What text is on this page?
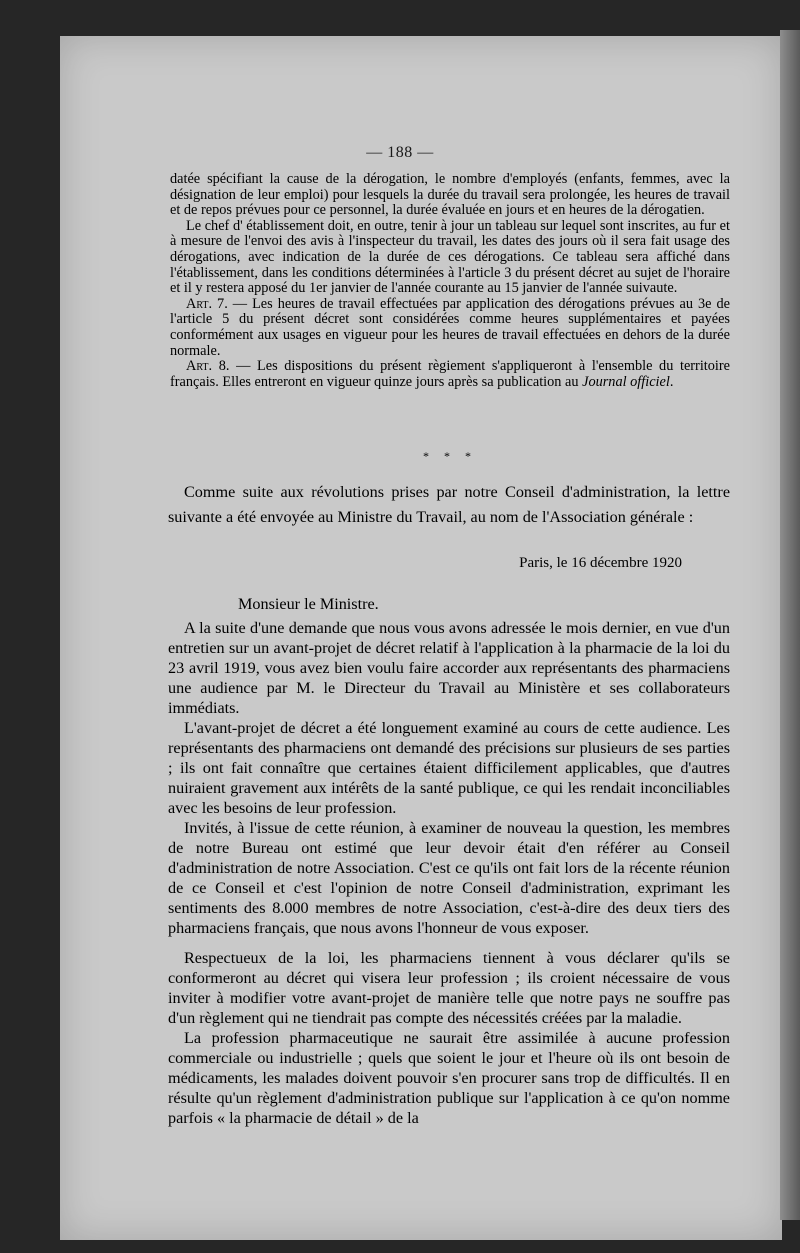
— 188 —

datée spécifiant la cause de la dérogation, le nombre d'employés (enfants, femmes, avec la désignation de leur emploi) pour lesquels la durée du travail sera prolongée, les heures de travail et de repos prévues pour ce personnel, la durée évaluée en jours et en heures de la dérogatien.

Le chef d' établissement doit, en outre, tenir à jour un tableau sur lequel sont inscrites, au fur et à mesure de l'envoi des avis à l'inspecteur du travail, les dates des jours où il sera fait usage des dérogations, avec indication de la durée de ces dérogations. Ce tableau sera affiché dans l'établissement, dans les conditions déterminées à l'article 3 du présent décret au sujet de l'horaire et il y restera apposé du 1er janvier de l'année courante au 15 janvier de l'année suivaute.

Art. 7. — Les heures de travail effectuées par application des dérogations prévues au 3e de l'article 5 du présent décret sont considérées comme heures supplémentaires et payées conformément aux usages en vigueur pour les heures de travail effectuées en dehors de la durée normale.

Art. 8. — Les dispositions du présent règiement s'appliqueront à l'ensemble du territoire français. Elles entreront en vigueur quinze jours après sa publication au Journal officiel.

* * *

Comme suite aux révolutions prises par notre Conseil d'administration, la lettre suivante a été envoyée au Ministre du Travail, au nom de l'Association générale :

Paris, le 16 décembre 1920
Monsieur le Ministre.

A la suite d'une demande que nous vous avons adressée le mois dernier, en vue d'un entretien sur un avant-projet de décret relatif à l'application à la pharmacie de la loi du 23 avril 1919, vous avez bien voulu faire accorder aux représentants des pharmaciens une audience par M. le Directeur du Travail au Ministère et ses collaborateurs immédiats.

L'avant-projet de décret a été longuement examiné au cours de cette audience. Les représentants des pharmaciens ont demandé des précisions sur plusieurs de ses parties ; ils ont fait connaître que certaines étaient difficilement applicables, que d'autres nuiraient gravement aux intérêts de la santé publique, ce qui les rendait inconciliables avec les besoins de leur profession.

Invités, à l'issue de cette réunion, à examiner de nouveau la question, les membres de notre Bureau ont estimé que leur devoir était d'en référer au Conseil d'administration de notre Association. C'est ce qu'ils ont fait lors de la récente réunion de ce Conseil et c'est l'opinion de notre Conseil d'administration, exprimant les sentiments des 8.000 membres de notre Association, c'est-à-dire des deux tiers des pharmaciens français, que nous avons l'honneur de vous exposer.

Respectueux de la loi, les pharmaciens tiennent à vous déclarer qu'ils se conformeront au décret qui visera leur profession ; ils croient nécessaire de vous inviter à modifier votre avant-projet de manière telle que notre pays ne souffre pas d'un règlement qui ne tiendrait pas compte des nécessités créées par la maladie.

La profession pharmaceutique ne saurait être assimilée à aucune profession commerciale ou industrielle ; quels que soient le jour et l'heure où ils ont besoin de médicaments, les malades doivent pouvoir s'en procurer sans trop de difficultés. Il en résulte qu'un règlement d'administration publique sur l'application à ce qu'on nomme parfois « la pharmacie de détail » de la
